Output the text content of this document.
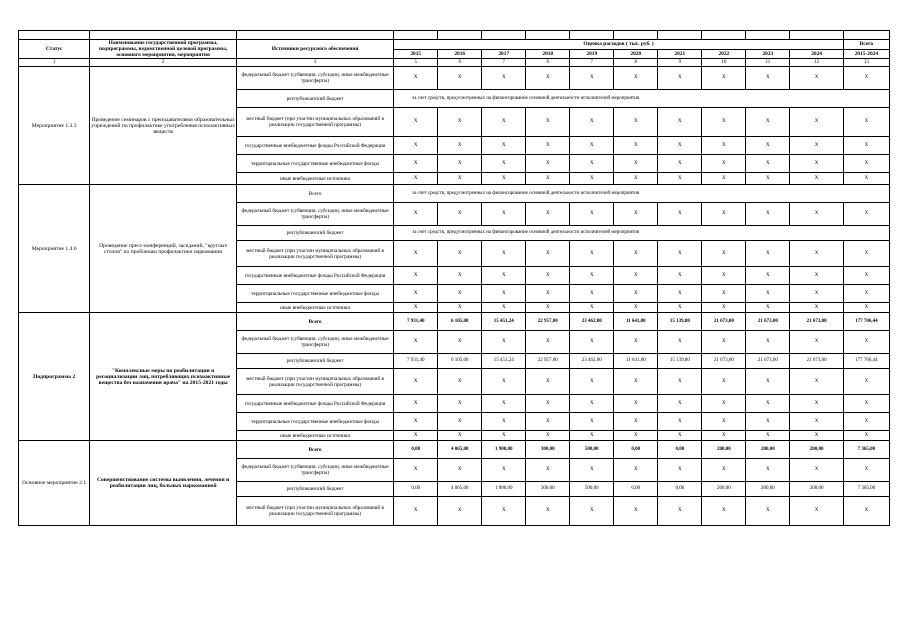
Статус	Наименование государственной программы, подпрограммы, ведомственной целевой программы, основного мероприятия, мероприятия	Источники ресурсного обеспечения	Оценка расходов ( тыс. руб. )										Всего
			2015	2016	2017	2018	2019	2020	2021	2022	2023	2024	2015-2024
1	2	3	5	6	7	6	7	8	9	10	11	12	13
Мероприятие 1.3.3	Проведение семинаров с преподавателями образовательных учреждений по профилактике употребления психоактивных веществ	федеральный бюджет (субвенции, субсидии, иные межбюджетные трансферты)	Х	Х	Х	Х	Х	Х	Х	Х	Х	Х	Х
		республиканский бюджет	за счет средств, предусмотренных на финансирование основной деятельности исполнителей мероприятия										
		местный бюджет (при участии муниципальных образований в реализации государственной программы)	Х	Х	Х	Х	Х	Х	Х	Х	Х	Х	Х
		государственные внебюджетные фонды Российской Федерации	Х	Х	Х	Х	Х	Х	Х	Х	Х	Х	Х
		территориальные государственные внебюджетные фонды	Х	Х	Х	Х	Х	Х	Х	Х	Х	Х	Х
		иные внебюджетные источники	Х	Х	Х	Х	Х	Х	Х	Х	Х	Х	Х
Мероприятие 1.4.6	Проведение пресс-конференций, заседаний, "круглых столов" по проблемам профилактики наркомании	Всего	за счет средств, предусмотренных на финансирование основной деятельности исполнителей мероприятия										
		федеральный бюджет (субвенции, субсидии, иные межбюджетные трансферты)	Х	Х	Х	Х	Х	Х	Х	Х	Х	Х	Х
		республиканский бюджет	за счет средств, предусмотренных на финансирование основной деятельности исполнителей мероприятия										
		местный бюджет (при участии муниципальных образований в реализации государственной программы)	Х	Х	Х	Х	Х	Х	Х	Х	Х	Х	Х
		государственные внебюджетные фонды Российской Федерации	Х	Х	Х	Х	Х	Х	Х	Х	Х	Х	Х
		территориальные государственные внебюджетные фонды	Х	Х	Х	Х	Х	Х	Х	Х	Х	Х	Х
		иные внебюджетные источники	Х	Х	Х	Х	Х	Х	Х	Х	Х	Х	Х
Подпрограмма 2	"Комплексные меры по реабилитации и ресоциализации лиц, потребляющих психоактивные вещества без назначения врача" на 2015-2021 годы	Всего	7 931,40	6 105,00	15 451,24	22 957,00	23 462,00	11 641,00	15 139,80	21 673,00	21 673,00	21 673,00	177 706,44
		федеральный бюджет (субвенции, субсидии, иные межбюджетные трансферты)	Х	Х	Х	Х	Х	Х	Х	Х	Х	Х	Х
		республиканский бюджет	7 931,40	6 105,00	15 451,24	22 957,00	23 462,00	11 641,00	15 139,80	21 673,00	21 673,00	21 673,00	177 706,44
		местный бюджет (при участии муниципальных образований в реализации государственной программы)	Х	Х	Х	Х	Х	Х	Х	Х	Х	Х	Х
		государственные внебюджетные фонды Российской Федерации	Х	Х	Х	Х	Х	Х	Х	Х	Х	Х	Х
		территориальные государственные внебюджетные фонды	Х	Х	Х	Х	Х	Х	Х	Х	Х	Х	Х
		иные внебюджетные источники	Х	Х	Х	Х	Х	Х	Х	Х	Х	Х	Х
Основное мероприятие 2.1	Совершенствование системы выявления, лечения и реабилитации лиц, больных наркоманией	Всего	0,00	4 065,00	1 900,00	300,00	500,00	0,00	0,00	200,00	200,00	200,00	7 365,00
		федеральный бюджет (субвенции, субсидии, иные межбюджетные трансферты)	Х	Х	Х	Х	Х	Х	Х	Х	Х	Х	Х
		республиканский бюджет	0,00	4 065,00	1 900,00	300,00	500,00	0,00	0,00	200,00	200,00	200,00	7 365,00
		местный бюджет (при участии муниципальных образований в реализации государственной программы)	Х	Х	Х	Х	Х	Х	Х	Х	Х	Х	Х
